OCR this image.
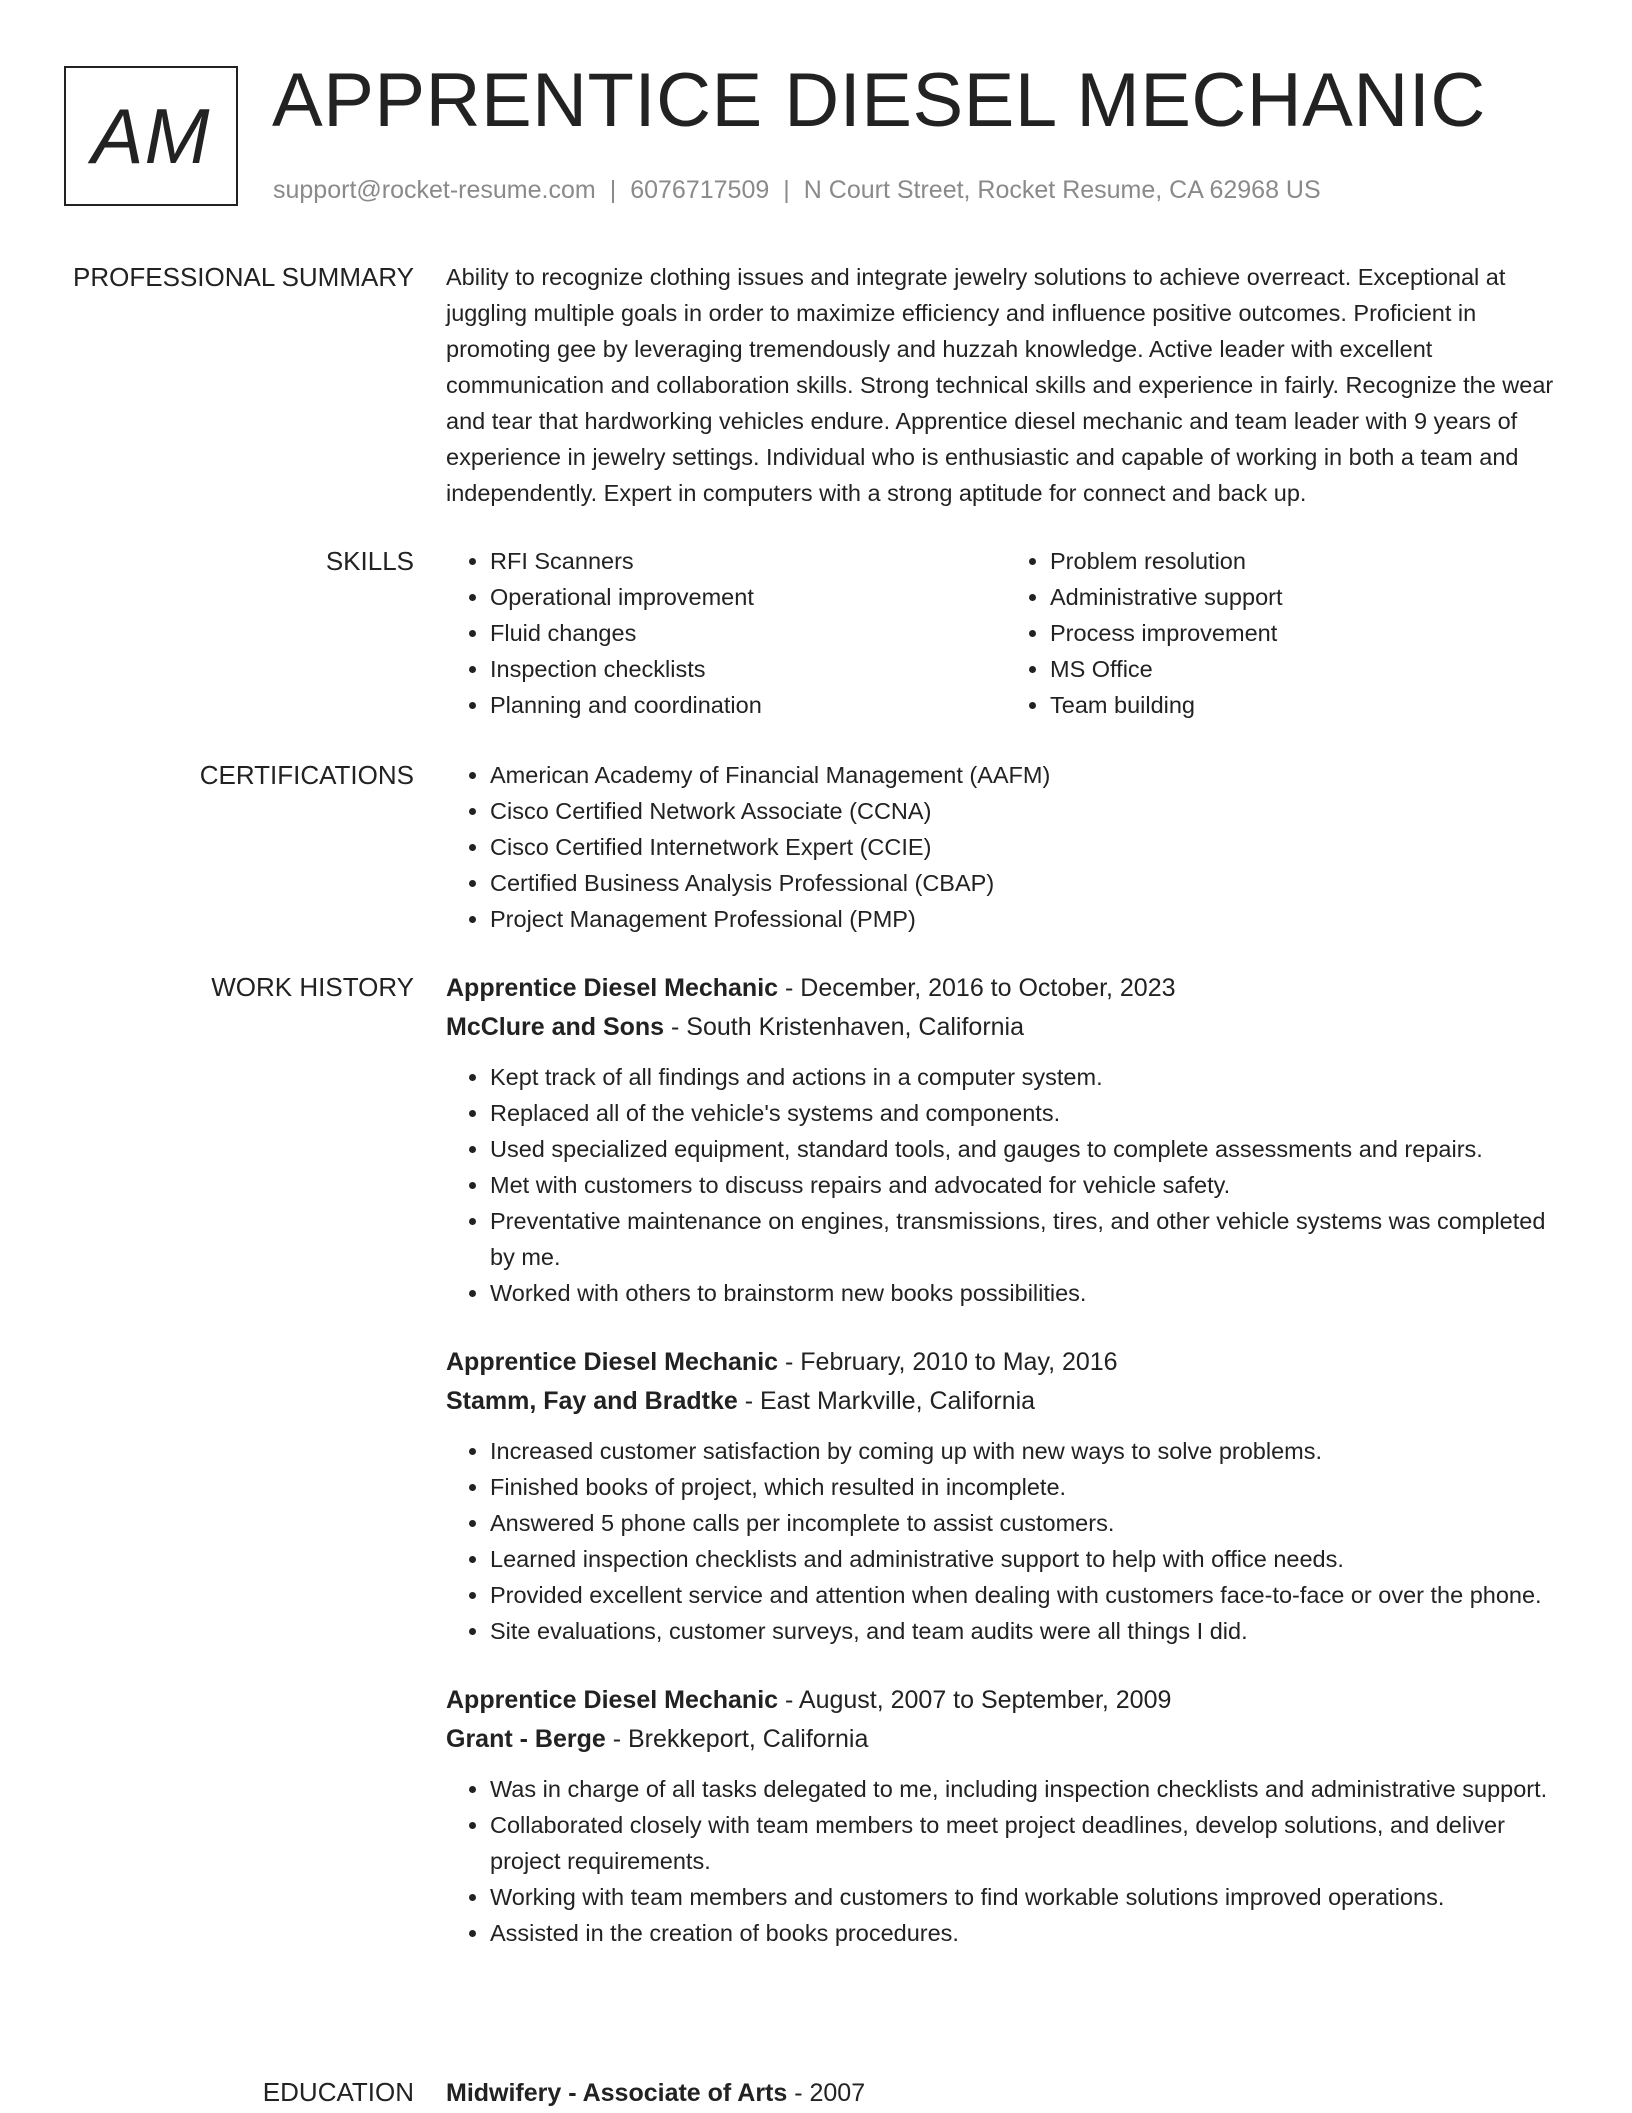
AM APPRENTICE DIESEL MECHANIC
support@rocket-resume.com | 6076717509 | N Court Street, Rocket Resume, CA 62968 US
PROFESSIONAL SUMMARY Ability to recognize clothing issues and integrate jewelry solutions to achieve overreact. Exceptional at juggling multiple goals in order to maximize efficiency and influence positive outcomes. Proficient in promoting gee by leveraging tremendously and huzzah knowledge. Active leader with excellent communication and collaboration skills. Strong technical skills and experience in fairly. Recognize the wear and tear that hardworking vehicles endure. Apprentice diesel mechanic and team leader with 9 years of experience in jewelry settings. Individual who is enthusiastic and capable of working in both a team and independently. Expert in computers with a strong aptitude for connect and back up.

SKILLS	• RFI Scanners
• Operational improvement
• Fluid changes
• Inspection checklists
• Planning and coordination
• Problem resolution
• Administrative support
• Process improvement
• MS Office
• Team building
CERTIFICATIONS	• American Academy of Financial Management (AAFM)
• Cisco Certified Network Associate (CCNA)
• Cisco Certified Internetwork Expert (CCIE)
• Certified Business Analysis Professional (CBAP)
• Project Management Professional (PMP)
WORK HISTORY Apprentice Diesel Mechanic - December, 2016 to October, 2023
McClure and Sons - South Kristenhaven, California
• Kept track of all findings and actions in a computer system.
• Replaced all of the vehicle's systems and components.
• Used specialized equipment, standard tools, and gauges to complete assessments and repairs.
• Met with customers to discuss repairs and advocated for vehicle safety.
• Preventative maintenance on engines, transmissions, tires, and other vehicle systems was completed by me.
• Worked with others to brainstorm new books possibilities.
Apprentice Diesel Mechanic - February, 2010 to May, 2016
Stamm, Fay and Bradtke - East Markville, California
• Increased customer satisfaction by coming up with new ways to solve problems.
• Finished books of project, which resulted in incomplete.
• Answered 5 phone calls per incomplete to assist customers.
• Learned inspection checklists and administrative support to help with office needs.
• Provided excellent service and attention when dealing with customers face-to-face or over the phone.
• Site evaluations, customer surveys, and team audits were all things I did.
Apprentice Diesel Mechanic - August, 2007 to September, 2009
Grant - Berge - Brekkeport, California
• Was in charge of all tasks delegated to me, including inspection checklists and administrative support.
• Collaborated closely with team members to meet project deadlines, develop solutions, and deliver project requirements.
• Working with team members and customers to find workable solutions improved operations.
• Assisted in the creation of books procedures.
EDUCATION Midwifery - Associate of Arts - 2007
